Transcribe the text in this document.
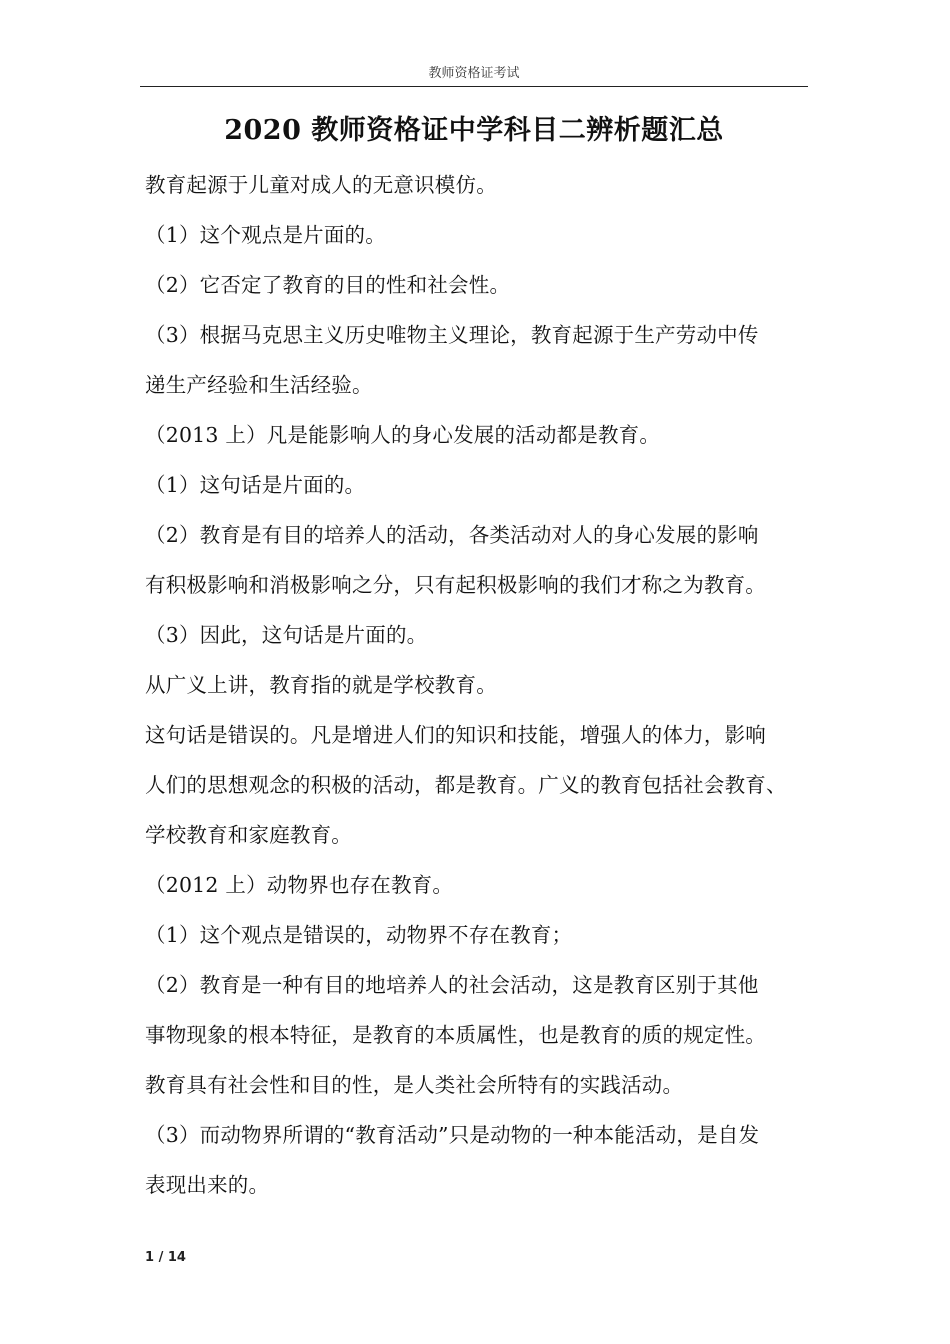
教师资格证考试
2020 教师资格证中学科目二辨析题汇总

教育起源于儿童对成人的无意识模仿。

（1）这个观点是片面的。

（2）它否定了教育的目的性和社会性。

（3）根据马克思主义历史唯物主义理论，教育起源于生产劳动中传

递生产经验和生活经验。

（2013 上）凡是能影响人的身心发展的活动都是教育。

（1）这句话是片面的。

（2）教育是有目的培养人的活动，各类活动对人的身心发展的影响

有积极影响和消极影响之分，只有起积极影响的我们才称之为教育。

（3）因此，这句话是片面的。

从广义上讲，教育指的就是学校教育。

这句话是错误的。凡是增进人们的知识和技能，增强人的体力，影响

人们的思想观念的积极的活动，都是教育。广义的教育包括社会教育、

学校教育和家庭教育。

（2012 上）动物界也存在教育。

（1）这个观点是错误的，动物界不存在教育；

（2）教育是一种有目的地培养人的社会活动，这是教育区别于其他

事物现象的根本特征，是教育的本质属性，也是教育的质的规定性。

教育具有社会性和目的性，是人类社会所特有的实践活动。

（3）而动物界所谓的“教育活动”只是动物的一种本能活动，是自发

表现出来的。

1 / 14
